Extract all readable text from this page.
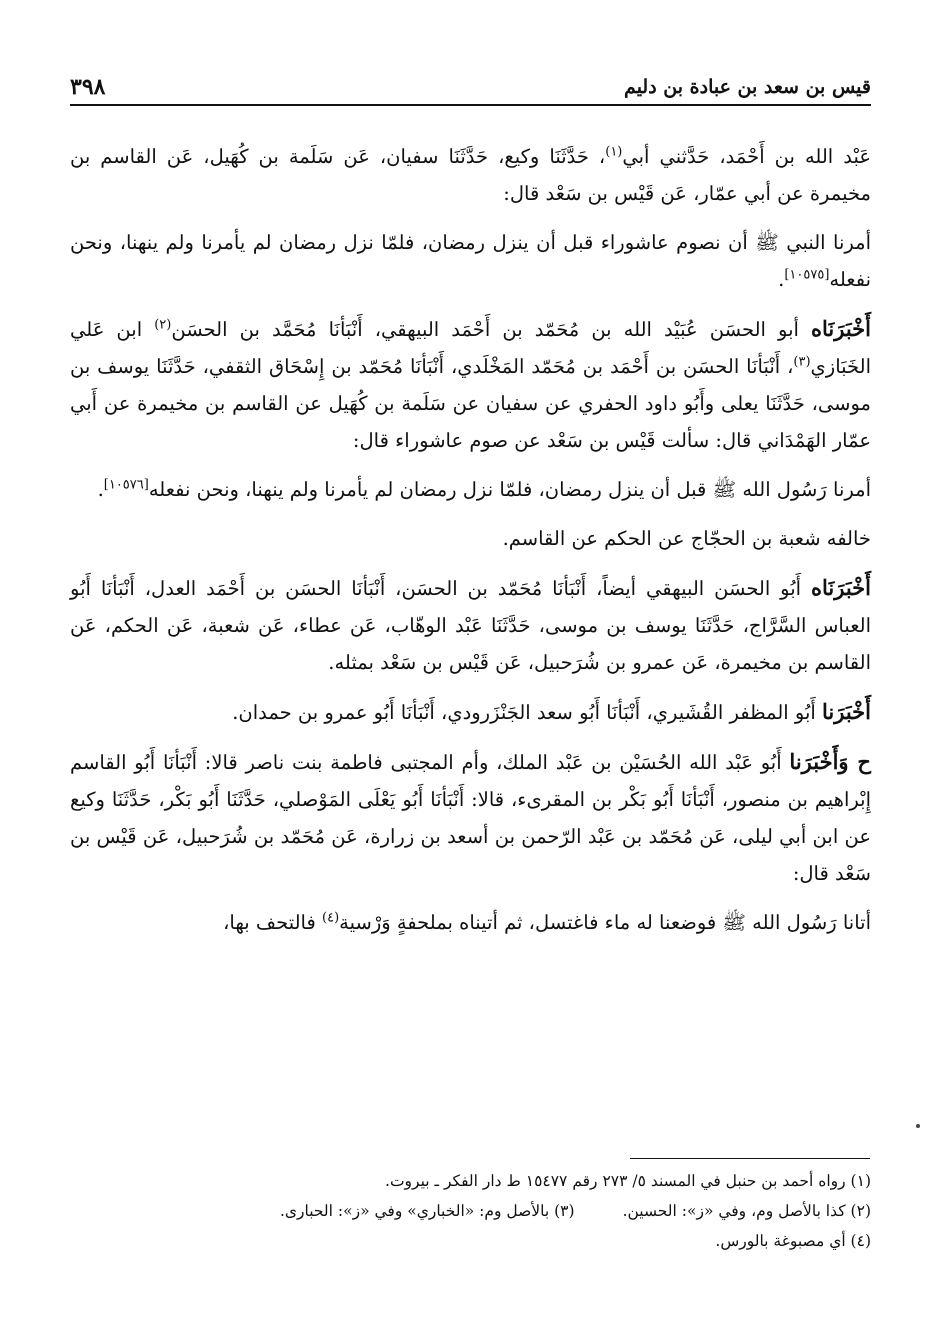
قيس بن سعد بن عبادة بن دليم
٣٩٨

عَبْد الله بن أَحْمَد، حَدَّثني أبي$^{(١)}$، حَدَّثَنَا وكيع، حَدَّثَنَا سفيان، عَن سَلَمة بن كُهَيل، عَن القاسم بن مخيمرة عن أبي عمّار، عَن قَيْس بن سَعْد قال:

أمرنا النبي ﷺ أن نصوم عاشوراء قبل أن ينزل رمضان، فلمّا نزل رمضان لم يأمرنا ولم ينهنا، ونحن نفعله[١٠٥٧٥].

أَخْبَرَنَاه أبو الحسَن عُبَيْد الله بن مُحَمّد بن أَحْمَد البيهقي، أَنْبَأنَا مُحَمَّد بن الحسَن$^{(٢)}$ ابن عَلي الخَبَازي$^{(٣)}$، أَنْبَأنَا الحسَن بن أَحْمَد بن مُحَمّد المَخْلَدي، أَنْبَأنَا مُحَمّد بن إِسْحَاق الثقفي، حَدَّثَنَا يوسف بن موسى، حَدَّثَنَا يعلى وأَبُو داود الحفري عن سفيان عن سَلَمة بن كُهَيل عن القاسم بن مخيمرة عن أَبي عمّار الهَمْدَاني قال: سألت قَيْس بن سَعْد عن صوم عاشوراء قال:

أمرنا رَسُول الله ﷺ قبل أن ينزل رمضان، فلمّا نزل رمضان لم يأمرنا ولم ينهنا، ونحن نفعله[١٠٥٧٦].

خالفه شعبة بن الحجّاج عن الحكم عن القاسم.

أَخْبَرَنَاه أَبُو الحسَن البيهقي أيضاً، أَنْبَأنَا مُحَمّد بن الحسَن، أَنْبَأنَا الحسَن بن أَحْمَد العدل، أَنْبَأنَا أَبُو العباس السَّرَّاج، حَدَّثَنَا يوسف بن موسى، حَدَّثَنَا عَبْد الوهّاب، عَن عطاء، عَن شعبة، عَن الحكم، عَن القاسم بن مخيمرة، عَن عمرو بن شُرَحبيل، عَن قَيْس بن سَعْد بمثله.

أَخْبَرَنا أَبُو المظفر القُشَيري، أَنْبَأنَا أَبُو سعد الجَنْزَرودي، أَنْبَأنَا أَبُو عمرو بن حمدان.

ح وَأَخْبَرَنا أَبُو عَبْد الله الحُسَيْن بن عَبْد الملك، وأم المجتبى فاطمة بنت ناصر قالا: أَنْبَأنَا أَبُو القاسم إِبْراهيم بن منصور، أَنْبَأنَا أَبُو بَكْر بن المقرىء، قالا: أَنْبَأنَا أَبُو يَعْلَى المَوْصلي، حَدَّثَنَا أَبُو بَكْر، حَدَّثَنَا وكيع عن ابن أبي ليلى، عَن مُحَمّد بن عَبْد الرّحمن بن أسعد بن زرارة، عَن مُحَمّد بن شُرَحبيل، عَن قَيْس بن سَعْد قال:

أتانا رَسُول الله ﷺ فوضعنا له ماء فاغتسل، ثم أتيناه بملحفةٍ وَرْسية$^{(٤)}$ فالتحف بها،

(١) رواه أحمد بن حنبل في المسند ٥/ ٢٧٣ رقم ١٥٤٧٧ ط دار الفكر ـ بيروت.
(٢) كذا بالأصل وم، وفي «ز»: الحسين.
(٣) بالأصل وم: «الخباري» وفي «ز»: الحبارى.
(٤) أي مصبوغة بالورس.
